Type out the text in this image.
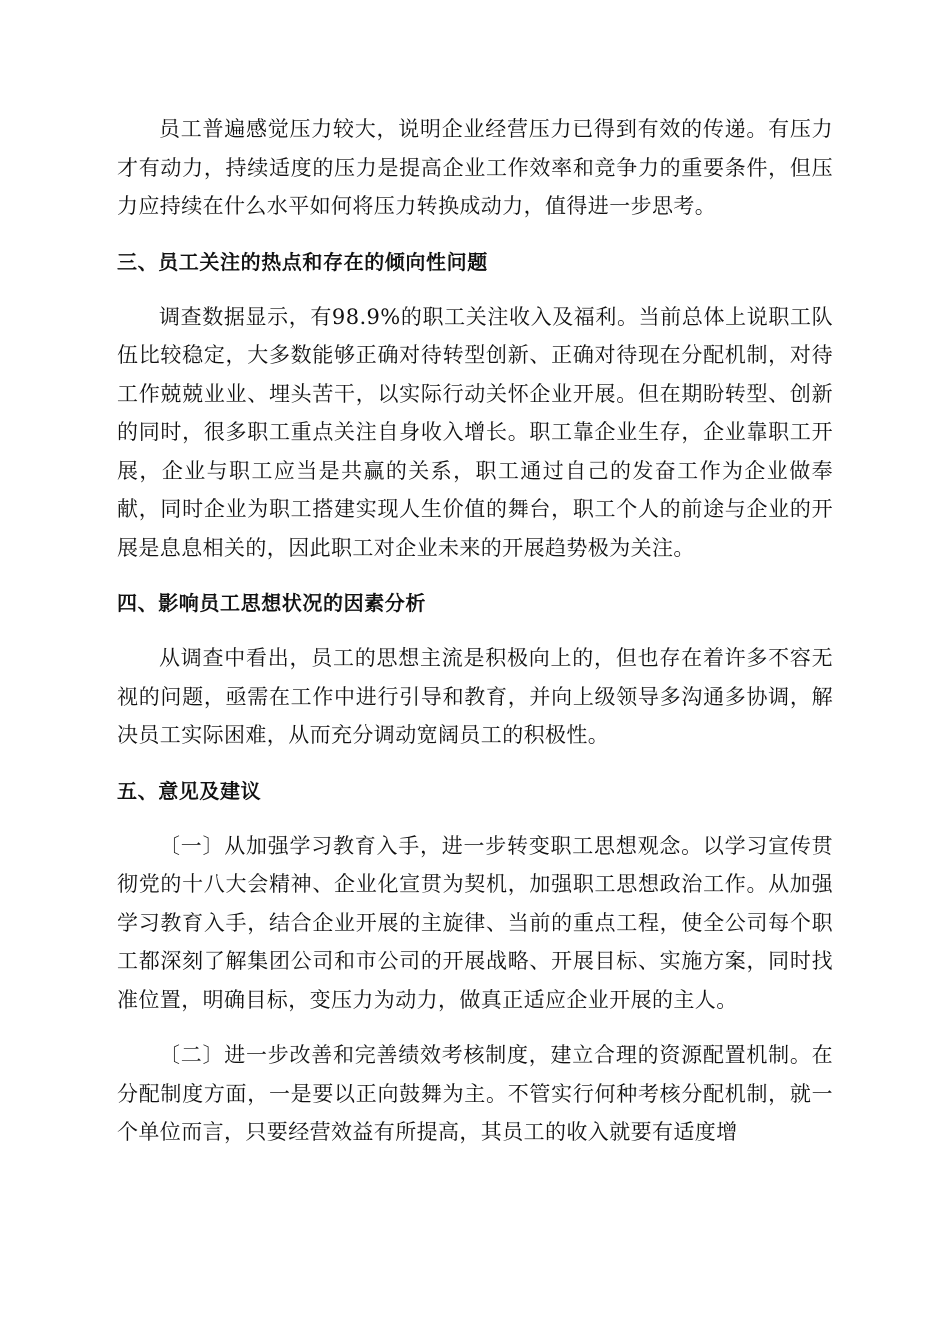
员工普遍感觉压力较大，说明企业经营压力已得到有效的传递。有压力才有动力，持续适度的压力是提高企业工作效率和竞争力的重要条件，但压力应持续在什么水平如何将压力转换成动力，值得进一步思考。

三、员工关注的热点和存在的倾向性问题

调查数据显示，有98.9%的职工关注收入及福利。当前总体上说职工队伍比较稳定，大多数能够正确对待转型创新、正确对待现在分配机制，对待工作兢兢业业、埋头苦干，以实际行动关怀企业开展。但在期盼转型、创新的同时，很多职工重点关注自身收入增长。职工靠企业生存，企业靠职工开展，企业与职工应当是共赢的关系，职工通过自己的发奋工作为企业做奉献，同时企业为职工搭建实现人生价值的舞台，职工个人的前途与企业的开展是息息相关的，因此职工对企业未来的开展趋势极为关注。

四、影响员工思想状况的因素分析

从调查中看出，员工的思想主流是积极向上的，但也存在着许多不容无视的问题，亟需在工作中进行引导和教育，并向上级领导多沟通多协调，解决员工实际困难，从而充分调动宽阔员工的积极性。

五、意见及建议

〔一〕从加强学习教育入手，进一步转变职工思想观念。以学习宣传贯彻党的十八大会精神、企业化宣贯为契机，加强职工思想政治工作。从加强学习教育入手，结合企业开展的主旋律、当前的重点工程，使全公司每个职工都深刻了解集团公司和市公司的开展战略、开展目标、实施方案，同时找准位置，明确目标，变压力为动力，做真正适应企业开展的主人。

〔二〕进一步改善和完善绩效考核制度，建立合理的资源配置机制。在分配制度方面，一是要以正向鼓舞为主。不管实行何种考核分配机制，就一个单位而言，只要经营效益有所提高，其员工的收入就要有适度增
